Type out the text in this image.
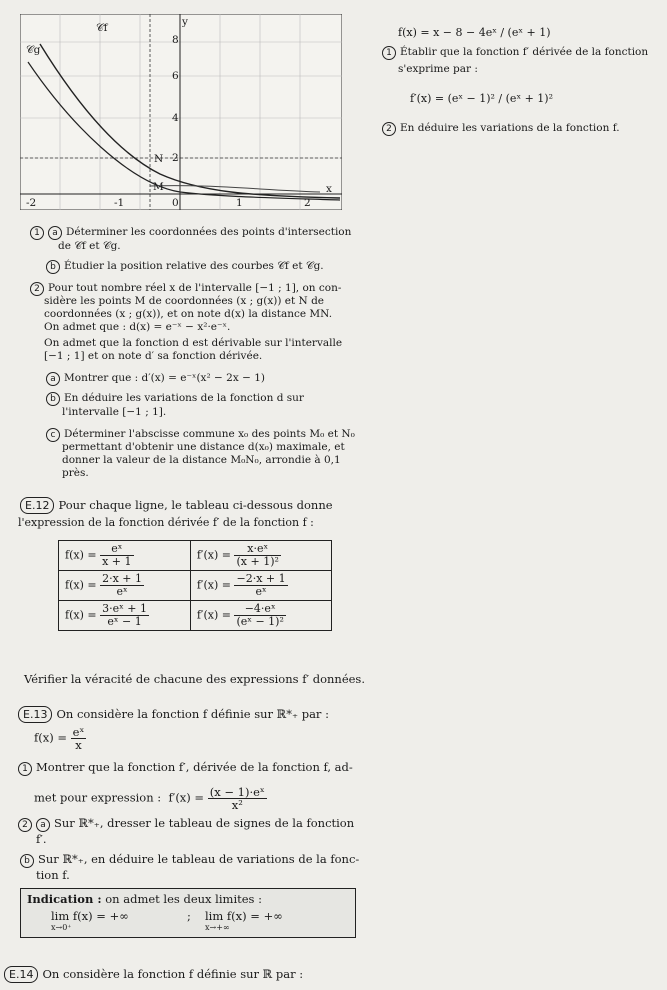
𝒞f
𝒞g
y
x
M
N
8
6
4
2
-2	-1	0	1	2
f(x) = x − 8 − 4eˣ / (eˣ + 1)
1 Établir que la fonction f′ dérivée de la fonction
s'exprime par :
f′(x) = (eˣ − 1)² / (eˣ + 1)²
2 En déduire les variations de la fonction f.
1 a Déterminer les coordonnées des points d'intersection
de 𝒞f et 𝒞g.
b Étudier la position relative des courbes 𝒞f et 𝒞g.
2 Pour tout nombre réel x de l'intervalle [−1 ; 1], on con-
sidère les points M de coordonnées (x ; g(x)) et N de
coordonnées (x ; g(x)), et on note d(x) la distance MN.
On admet que : d(x) = e⁻ˣ − x²·e⁻ˣ.
On admet que la fonction d est dérivable sur l'intervalle
[−1 ; 1] et on note d′ sa fonction dérivée.
a Montrer que : d′(x) = e⁻ˣ(x² − 2x − 1)
b En déduire les variations de la fonction d sur
l'intervalle [−1 ; 1].
c Déterminer l'abscisse commune x₀ des points M₀ et N₀
permettant d'obtenir une distance d(x₀) maximale, et
donner la valeur de la distance M₀N₀, arrondie à 0,1
près.
E.12 Pour chaque ligne, le tableau ci-dessous donne
l'expression de la fonction dérivée f′ de la fonction f :
$f(x) = \frac{\text{eˣ}}{x + 1}$	$f'(x) = \frac{\text{x·eˣ}}{\text{(x + 1)²}}$

$f(x) = \frac{2\cdot x + 1}{\text{eˣ}}$	$f'(x) = \frac{-2\cdot x + 1}{\text{eˣ}}$

$f(x) = \frac{\text{3·eˣ + 1}}{\text{eˣ − 1}}$	$f'(x) = \frac{\text{−4·eˣ}}{\text{(eˣ − 1)²}}$
Vérifier la véracité de chacune des expressions f′ données.
E.13 On considère la fonction f définie sur ℝ*₊ par :
$f(x) = \frac{\text{eˣ}}{x}$
1 Montrer que la fonction f′, dérivée de la fonction f, ad-
met pour expression : $f'(x) = \frac{\text{(x − 1)·eˣ}}{\text{x²}}$
2 a Sur ℝ*₊, dresser le tableau de signes de la fonction
f′.
b Sur ℝ*₊, en déduire le tableau de variations de la fonc-
tion f.
Indication : on admet les deux limites :
lim f(x) = +∞
x→0⁺
; lim f(x) = +∞
x→+∞
E.14 On considère la fonction f définie sur ℝ par :
